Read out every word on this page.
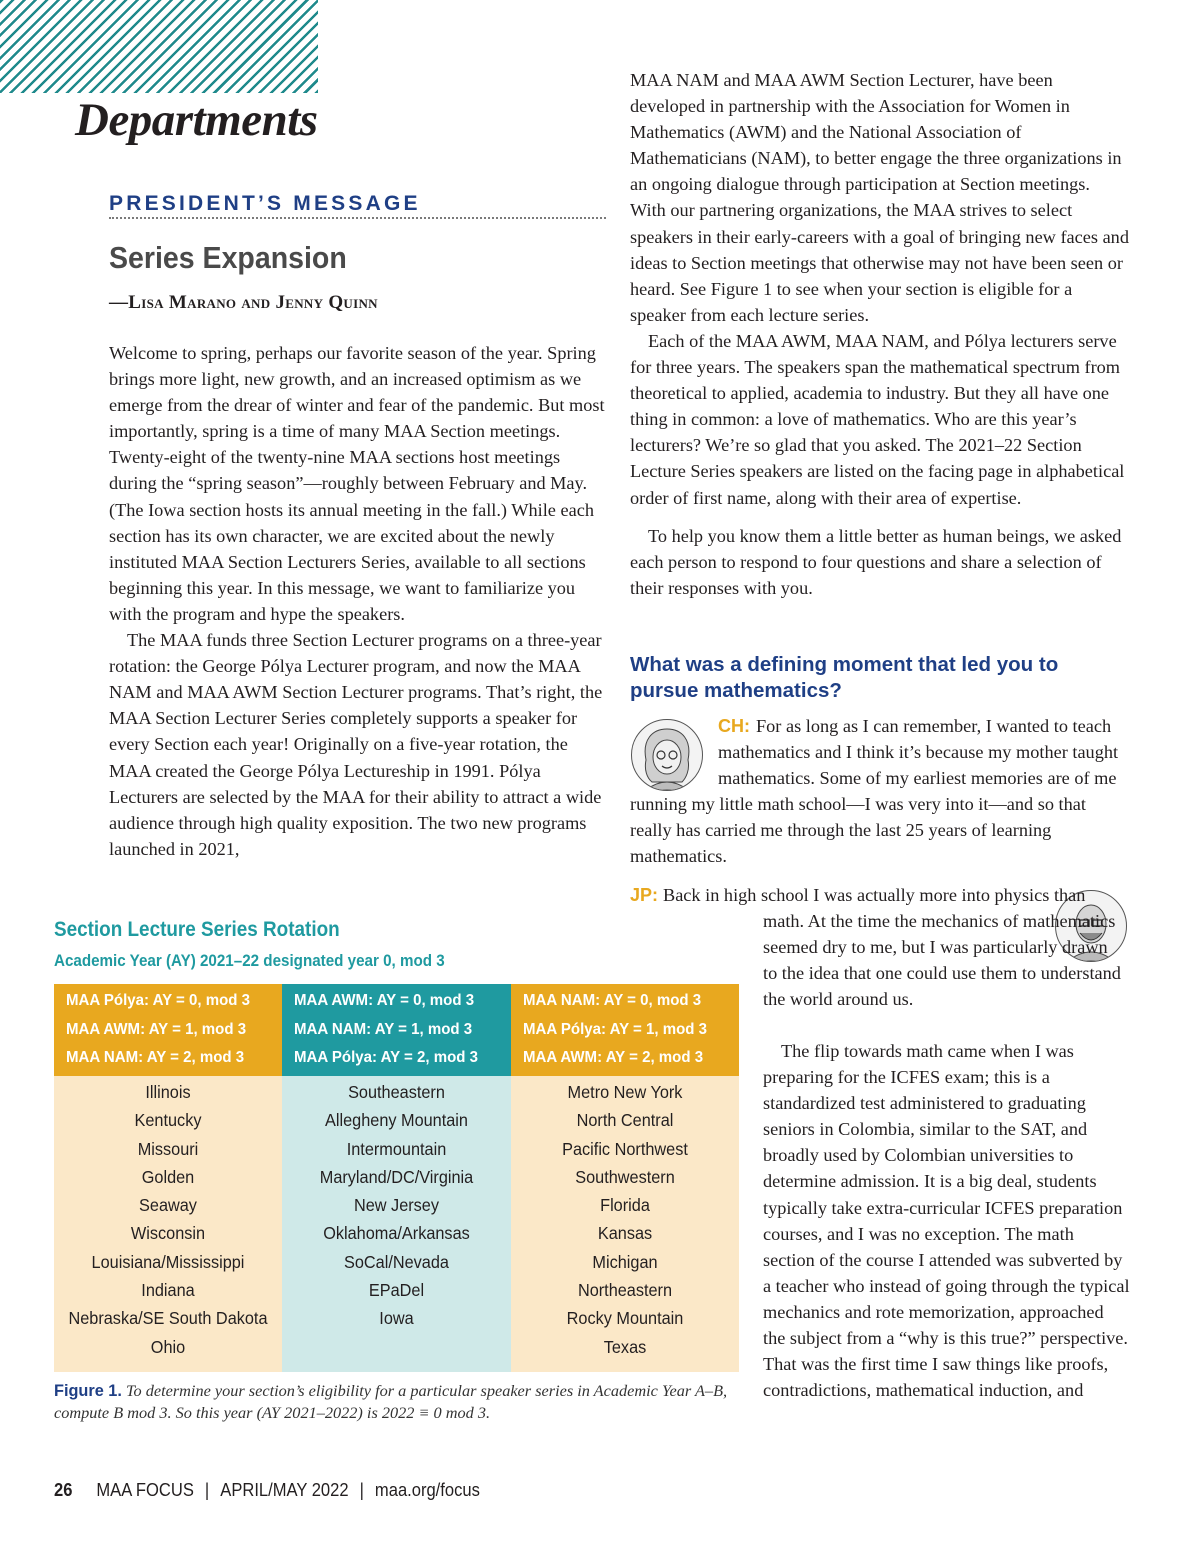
Departments
PRESIDENT’S MESSAGE
Series Expansion
—Lisa Marano and Jenny Quinn

Welcome to spring, perhaps our favorite season of the year. Spring brings more light, new growth, and an increased optimism as we emerge from the drear of winter and fear of the pandemic. But most importantly, spring is a time of many MAA Section meetings. Twenty-eight of the twenty-nine MAA sections host meetings during the “spring season”—roughly between February and May. (The Iowa section hosts its annual meeting in the fall.) While each section has its own character, we are excited about the newly instituted MAA Section Lecturers Series, available to all sections beginning this year. In this message, we want to familiarize you with the program and hype the speakers.

The MAA funds three Section Lecturer programs on a three-year rotation: the George Pólya Lecturer program, and now the MAA NAM and MAA AWM Section Lecturer programs. That’s right, the MAA Section Lecturer Series completely supports a speaker for every Section each year! Originally on a five-year rotation, the MAA created the George Pólya Lectureship in 1991. Pólya Lecturers are selected by the MAA for their ability to attract a wide audience through high quality exposition. The two new programs launched in 2021,

MAA NAM and MAA AWM Section Lecturer, have been developed in partnership with the Association for Women in Mathematics (AWM) and the National Association of Mathematicians (NAM), to better engage the three organizations in an ongoing dialogue through participation at Section meetings. With our partnering organizations, the MAA strives to select speakers in their early-careers with a goal of bringing new faces and ideas to Section meetings that otherwise may not have been seen or heard. See Figure 1 to see when your section is eligible for a speaker from each lecture series.

Each of the MAA AWM, MAA NAM, and Pólya lecturers serve for three years. The speakers span the mathematical spectrum from theoretical to applied, academia to industry. But they all have one thing in common: a love of mathematics. Who are this year’s lecturers? We’re so glad that you asked. The 2021–22 Section Lecture Series speakers are listed on the facing page in alphabetical order of first name, along with their area of expertise.

To help you know them a little better as human beings, we asked each person to respond to four questions and share a selection of their responses with you.

What was a defining moment that led you to pursue mathematics?
CH: For as long as I can remember, I wanted to teach mathematics and I think it’s because my mother taught mathematics. Some of my earliest memories are of me running my little math school—I was very into it—and so that really has carried me through the last 25 years of learning mathematics.
JP: Back in high school I was actually more into physics than math. At the time the mechanics of mathematics seemed dry to me, but I was particularly drawn to the idea that one could use them to understand the world around us.

The flip towards math came when I was preparing for the ICFES exam; this is a standardized test administered to graduating seniors in Colombia, similar to the SAT, and broadly used by Colombian universities to determine admission. It is a big deal, students typically take extra-curricular ICFES preparation courses, and I was no exception. The math section of the course I attended was subverted by a teacher who instead of going through the typical mechanics and rote memorization, approached the subject from a “why is this true?” perspective. That was the first time I saw things like proofs, contradictions, mathematical induction, and

Section Lecture Series Rotation
Academic Year (AY) 2021–22 designated year 0, mod 3
MAA Pólya: AY = 0, mod 3
MAA AWM: AY = 1, mod 3
MAA NAM: AY = 2, mod 3
Illinois
Kentucky
Missouri
Golden
Seaway
Wisconsin
Louisiana/Mississippi
Indiana
Nebraska/SE South Dakota
Ohio
MAA AWM: AY = 0, mod 3
MAA NAM: AY = 1, mod 3
MAA Pólya: AY = 2, mod 3
Southeastern
Allegheny Mountain
Intermountain
Maryland/DC/Virginia
New Jersey
Oklahoma/Arkansas
SoCal/Nevada
EPaDel
Iowa
MAA NAM: AY = 0, mod 3
MAA Pólya: AY = 1, mod 3
MAA AWM: AY = 2, mod 3
Metro New York
North Central
Pacific Northwest
Southwestern
Florida
Kansas
Michigan
Northeastern
Rocky Mountain
Texas
Figure 1. To determine your section’s eligibility for a particular speaker series in Academic Year A–B, compute B mod 3. So this year (AY 2021–2022) is 2022 ≡ 0 mod 3.
26 MAA FOCUS | APRIL/MAY 2022 | maa.org/focus
